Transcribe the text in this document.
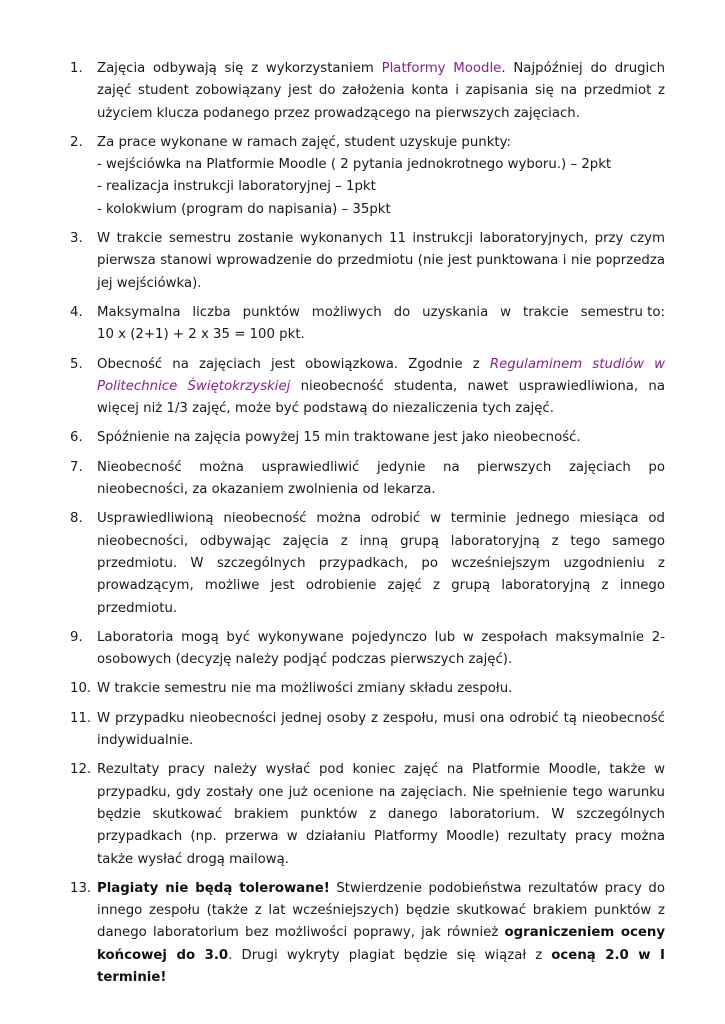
1. Zajęcia odbywają się z wykorzystaniem Platformy Moodle. Najpóźniej do drugich zajęć student zobowiązany jest do założenia konta i zapisania się na przedmiot z użyciem klucza podanego przez prowadzącego na pierwszych zajęciach.
2. Za prace wykonane w ramach zajęć, student uzyskuje punkty:
- wejściówka na Platformie Moodle ( 2 pytania jednokrotnego wyboru.) – 2pkt
- realizacja instrukcji laboratoryjnej – 1pkt
- kolokwium (program do napisania) – 35pkt
3. W trakcie semestru zostanie wykonanych 11 instrukcji laboratoryjnych, przy czym pierwsza stanowi wprowadzenie do przedmiotu (nie jest punktowana i nie poprzedza jej wejściówka).
4. Maksymalna liczba punktów możliwych do uzyskania w trakcie semestru to:
10 x (2+1) + 2 x 35 = 100 pkt.
5. Obecność na zajęciach jest obowiązkowa. Zgodnie z Regulaminem studiów w Politechnice Świętokrzyskiej nieobecność studenta, nawet usprawiedliwiona, na więcej niż 1/3 zajęć, może być podstawą do niezaliczenia tych zajęć.
6. Spóźnienie na zajęcia powyżej 15 min traktowane jest jako nieobecność.
7. Nieobecność można usprawiedliwić jedynie na pierwszych zajęciach po nieobecności, za okazaniem zwolnienia od lekarza.
8. Usprawiedliwioną nieobecność można odrobić w terminie jednego miesiąca od nieobecności, odbywając zajęcia z inną grupą laboratoryjną z tego samego przedmiotu. W szczególnych przypadkach, po wcześniejszym uzgodnieniu z prowadzącym, możliwe jest odrobienie zajęć z grupą laboratoryjną z innego przedmiotu.
9. Laboratoria mogą być wykonywane pojedynczo lub w zespołach maksymalnie 2-osobowych (decyzję należy podjąć podczas pierwszych zajęć).
10. W trakcie semestru nie ma możliwości zmiany składu zespołu.
11. W przypadku nieobecności jednej osoby z zespołu, musi ona odrobić tą nieobecność indywidualnie.
12. Rezultaty pracy należy wysłać pod koniec zajęć na Platformie Moodle, także w przypadku, gdy zostały one już ocenione na zajęciach. Nie spełnienie tego warunku będzie skutkować brakiem punktów z danego laboratorium. W szczególnych przypadkach (np. przerwa w działaniu Platformy Moodle) rezultaty pracy można także wysłać drogą mailową.
13. Plagiaty nie będą tolerowane! Stwierdzenie podobieństwa rezultatów pracy do innego zespołu (także z lat wcześniejszych) będzie skutkować brakiem punktów z danego laboratorium bez możliwości poprawy, jak również ograniczeniem oceny końcowej do 3.0. Drugi wykryty plagiat będzie się wiązał z oceną 2.0 w I terminie!
